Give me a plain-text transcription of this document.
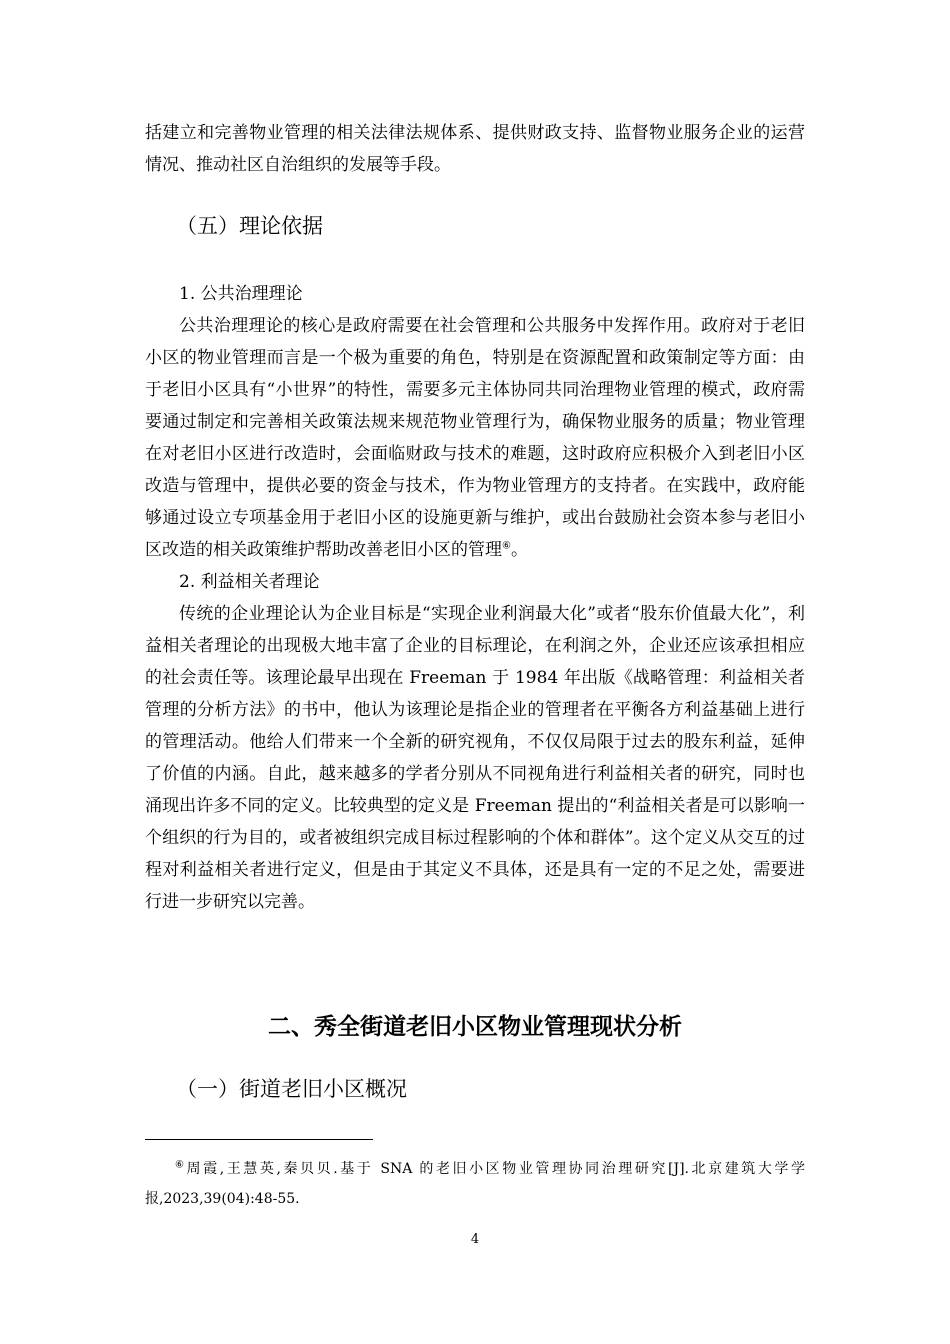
括建立和完善物业管理的相关法律法规体系、提供财政支持、监督物业服务企业的运营情况、推动社区自治组织的发展等手段。

（五）理论依据

1. 公共治理理论

公共治理理论的核心是政府需要在社会管理和公共服务中发挥作用。政府对于老旧小区的物业管理而言是一个极为重要的角色，特别是在资源配置和政策制定等方面：由于老旧小区具有“小世界”的特性，需要多元主体协同共同治理物业管理的模式，政府需要通过制定和完善相关政策法规来规范物业管理行为，确保物业服务的质量；物业管理在对老旧小区进行改造时，会面临财政与技术的难题，这时政府应积极介入到老旧小区改造与管理中，提供必要的资金与技术，作为物业管理方的支持者。在实践中，政府能够通过设立专项基金用于老旧小区的设施更新与维护，或出台鼓励社会资本参与老旧小区改造的相关政策维护帮助改善老旧小区的管理⑥。

2. 利益相关者理论

传统的企业理论认为企业目标是“实现企业利润最大化”或者“股东价值最大化”，利益相关者理论的出现极大地丰富了企业的目标理论，在利润之外，企业还应该承担相应的社会责任等。该理论最早出现在 Freeman 于 1984 年出版《战略管理：利益相关者管理的分析方法》的书中，他认为该理论是指企业的管理者在平衡各方利益基础上进行的管理活动。他给人们带来一个全新的研究视角，不仅仅局限于过去的股东利益，延伸了价值的内涵。自此，越来越多的学者分别从不同视角进行利益相关者的研究，同时也涌现出许多不同的定义。比较典型的定义是 Freeman 提出的“利益相关者是可以影响一个组织的行为目的，或者被组织完成目标过程影响的个体和群体”。这个定义从交互的过程对利益相关者进行定义，但是由于其定义不具体，还是具有一定的不足之处，需要进行进一步研究以完善。

二、秀全街道老旧小区物业管理现状分析
（一）街道老旧小区概况

⑥周霞,王慧英,秦贝贝.基于 SNA 的老旧小区物业管理协同治理研究[J].北京建筑大学学报,2023,39(04):48-55.

4
